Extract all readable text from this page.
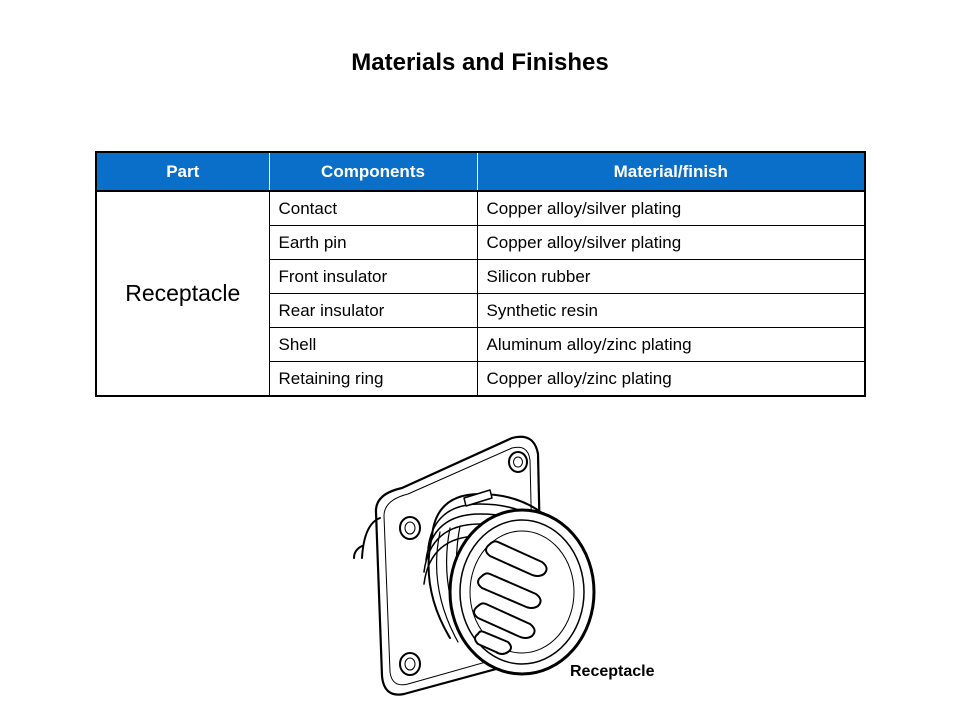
Materials and Finishes
Part	Components	Material/finish
Receptacle	Contact	Copper alloy/silver plating
	Earth pin	Copper alloy/silver plating
	Front insulator	Silicon rubber
	Rear insulator	Synthetic resin
	Shell	Aluminum alloy/zinc plating
	Retaining ring	Copper alloy/zinc plating
Receptacle
